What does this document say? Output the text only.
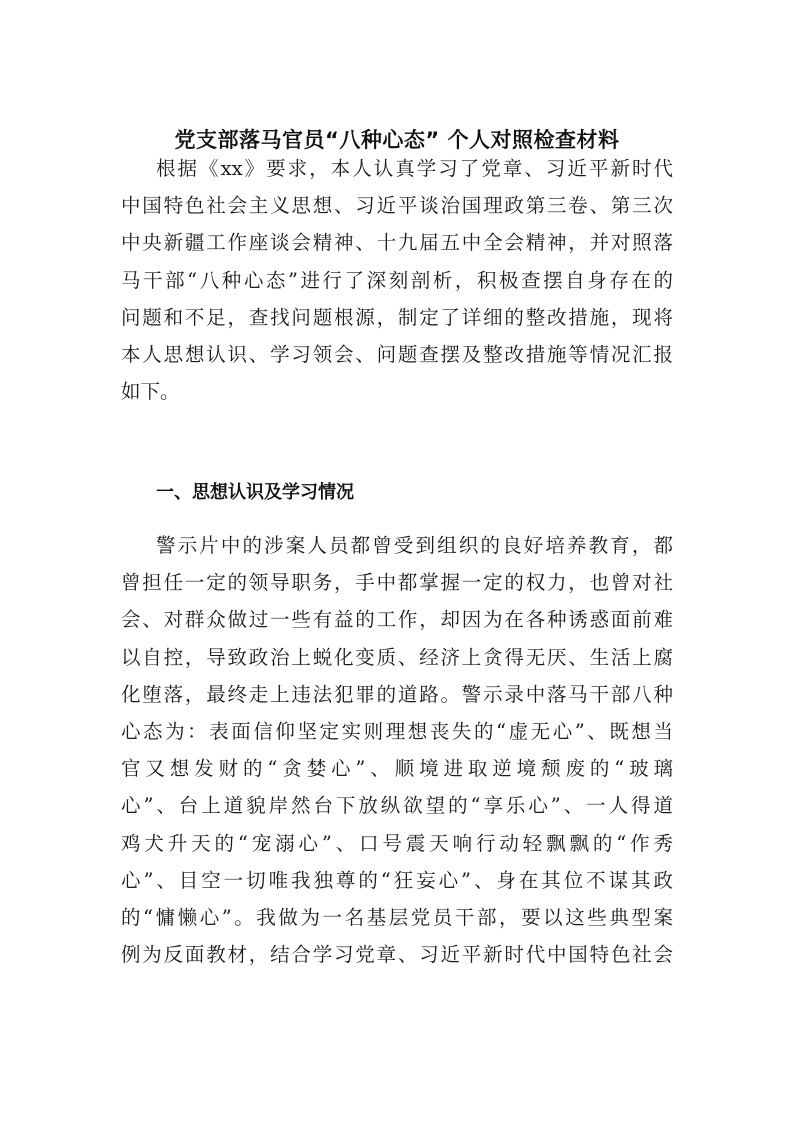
党支部落马官员“八种心态” 个人对照检查材料
根据《xx》要求，本人认真学习了党章、习近平新时代
中国特色社会主义思想、习近平谈治国理政第三卷、第三次
中央新疆工作座谈会精神、十九届五中全会精神，并对照落
马干部“八种心态”进行了深刻剖析，积极查摆自身存在的
问题和不足，查找问题根源，制定了详细的整改措施，现将
本人思想认识、学习领会、问题查摆及整改措施等情况汇报
如下。
一、思想认识及学习情况
警示片中的涉案人员都曾受到组织的良好培养教育，都
曾担任一定的领导职务，手中都掌握一定的权力，也曾对社
会、对群众做过一些有益的工作，却因为在各种诱惑面前难
以自控，导致政治上蜕化变质、经济上贪得无厌、生活上腐
化堕落，最终走上违法犯罪的道路。警示录中落马干部八种
心态为：表面信仰坚定实则理想丧失的“虚无心”、既想当
官又想发财的“贪婪心”、顺境进取逆境颓废的“玻璃
心”、台上道貌岸然台下放纵欲望的“享乐心”、一人得道
鸡犬升天的“宠溺心”、口号震天响行动轻飘飘的“作秀
心”、目空一切唯我独尊的“狂妄心”、身在其位不谋其政
的“慵懒心”。我做为一名基层党员干部，要以这些典型案
例为反面教材，结合学习党章、习近平新时代中国特色社会
